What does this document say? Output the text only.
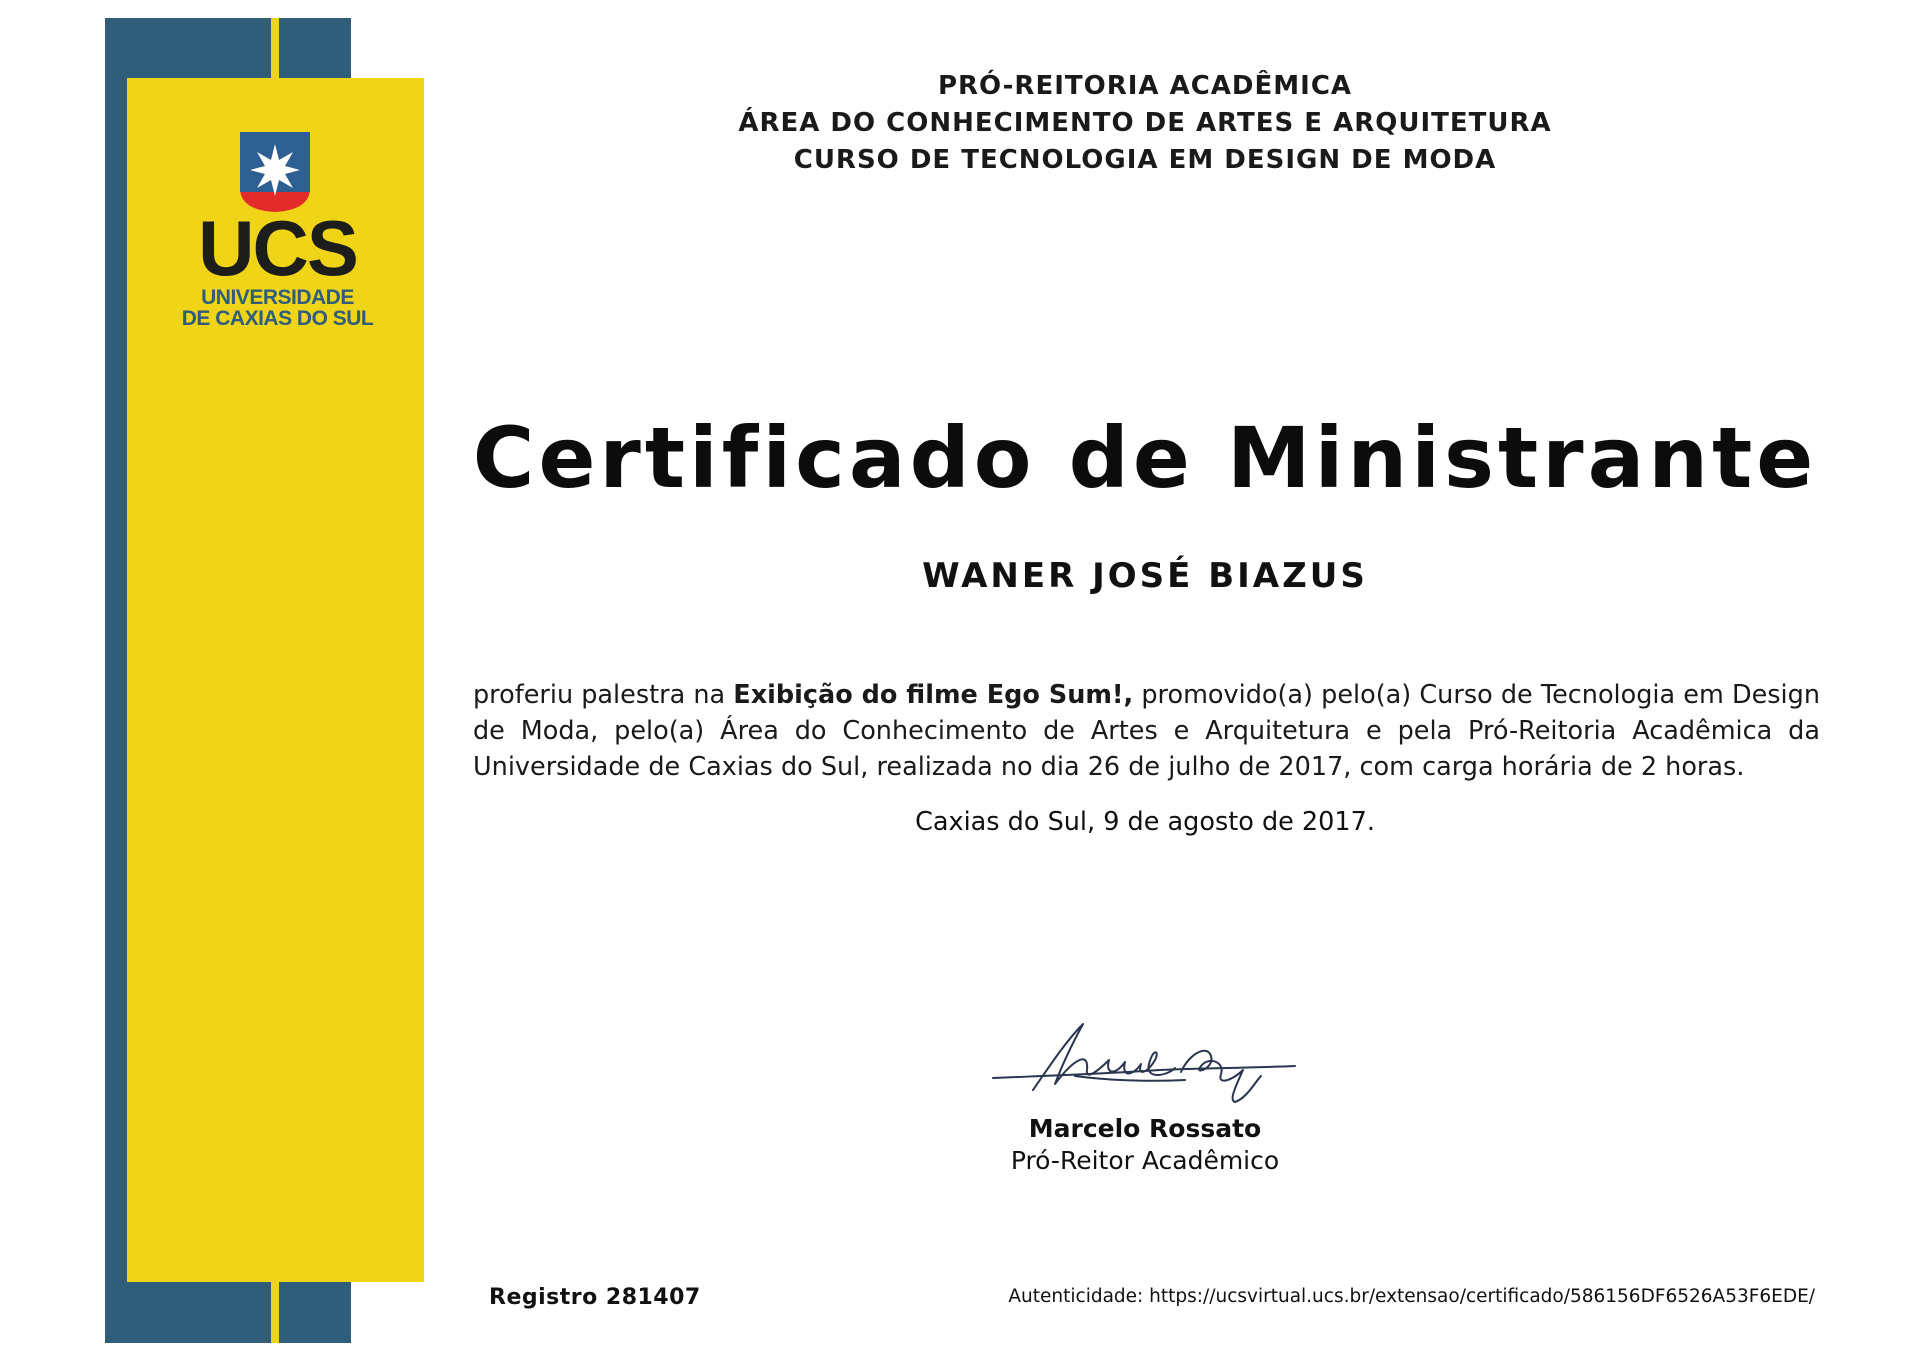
UCS
UNIVERSIDADE
DE CAXIAS DO SUL
PRÓ-REITORIA ACADÊMICA
ÁREA DO CONHECIMENTO DE ARTES E ARQUITETURA
CURSO DE TECNOLOGIA EM DESIGN DE MODA
Certificado de Ministrante
WANER JOSÉ BIAZUS
proferiu palestra na Exibição do filme Ego Sum!, promovido(a) pelo(a) Curso de Tecnologia em Design de Moda, pelo(a) Área do Conhecimento de Artes e Arquitetura e pela Pró-Reitoria Acadêmica da Universidade de Caxias do Sul, realizada no dia 26 de julho de 2017, com carga horária de 2 horas.
Caxias do Sul, 9 de agosto de 2017.
Marcelo Rossato
Pró-Reitor Acadêmico
Registro 281407	Autenticidade: https://ucsvirtual.ucs.br/extensao/certificado/586156DF6526A53F6EDE/
